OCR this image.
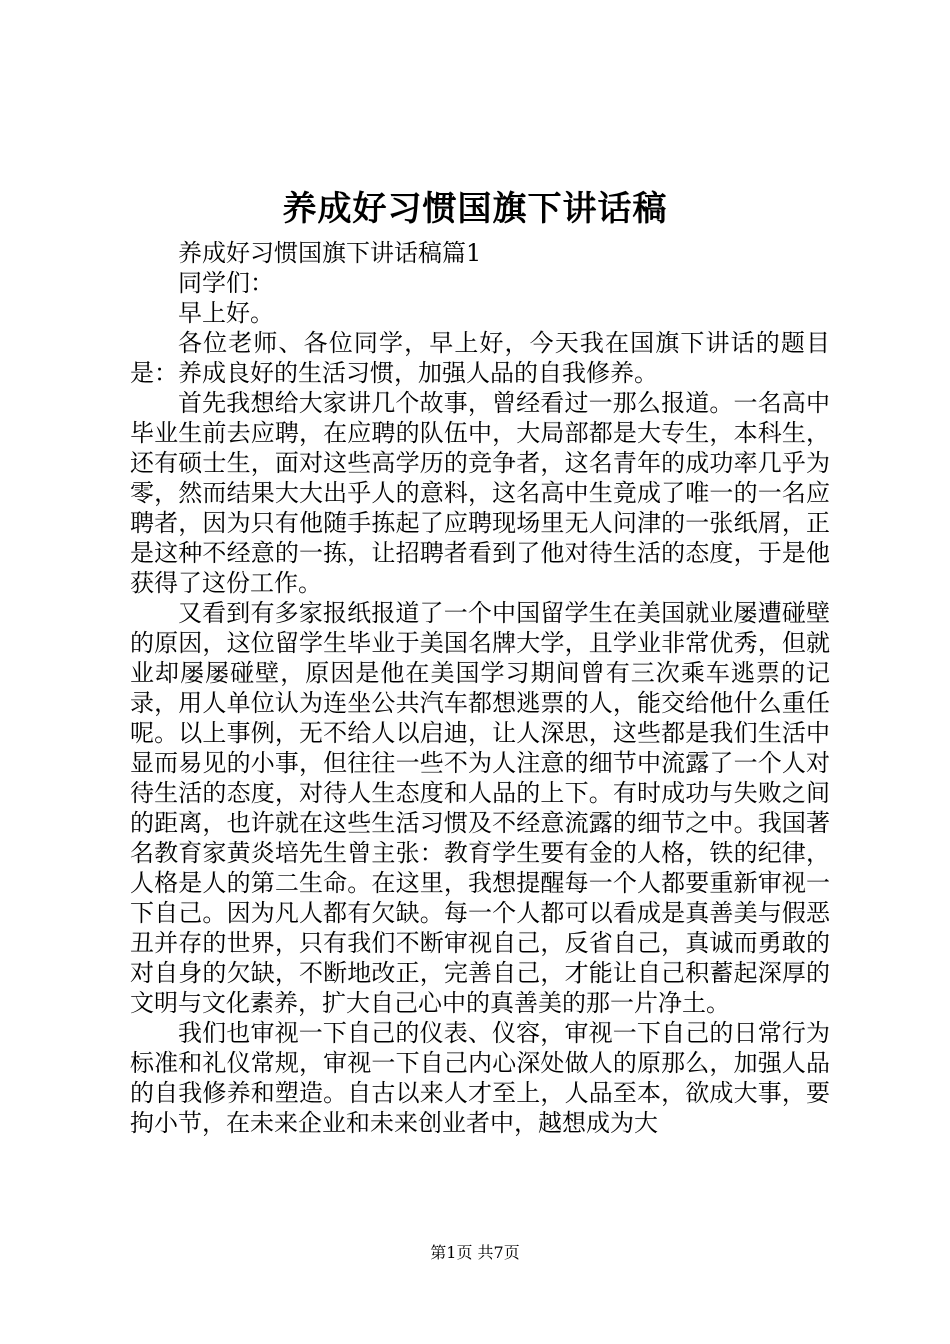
养成好习惯国旗下讲话稿

养成好习惯国旗下讲话稿篇1

同学们：

早上好。

各位老师、各位同学，早上好，今天我在国旗下讲话的题目是：养成良好的生活习惯，加强人品的自我修养。

首先我想给大家讲几个故事，曾经看过一那么报道。一名高中毕业生前去应聘，在应聘的队伍中，大局部都是大专生，本科生，还有硕士生，面对这些高学历的竞争者，这名青年的成功率几乎为零，然而结果大大出乎人的意料，这名高中生竟成了唯一的一名应聘者，因为只有他随手拣起了应聘现场里无人问津的一张纸屑，正是这种不经意的一拣，让招聘者看到了他对待生活的态度，于是他获得了这份工作。

又看到有多家报纸报道了一个中国留学生在美国就业屡遭碰壁的原因，这位留学生毕业于美国名牌大学，且学业非常优秀，但就业却屡屡碰壁，原因是他在美国学习期间曾有三次乘车逃票的记录，用人单位认为连坐公共汽车都想逃票的人，能交给他什么重任呢。以上事例，无不给人以启迪，让人深思，这些都是我们生活中显而易见的小事，但往往一些不为人注意的细节中流露了一个人对待生活的态度，对待人生态度和人品的上下。有时成功与失败之间的距离，也许就在这些生活习惯及不经意流露的细节之中。我国著名教育家黄炎培先生曾主张：教育学生要有金的人格，铁的纪律，人格是人的第二生命。在这里，我想提醒每一个人都要重新审视一下自己。因为凡人都有欠缺。每一个人都可以看成是真善美与假恶丑并存的世界，只有我们不断审视自己，反省自己，真诚而勇敢的对自身的欠缺，不断地改正，完善自己，才能让自己积蓄起深厚的文明与文化素养，扩大自己心中的真善美的那一片净土。

我们也审视一下自己的仪表、仪容，审视一下自己的日常行为标准和礼仪常规，审视一下自己内心深处做人的原那么，加强人品的自我修养和塑造。自古以来人才至上，人品至本，欲成大事，要拘小节，在未来企业和未来创业者中，越想成为大

第1页 共7页
